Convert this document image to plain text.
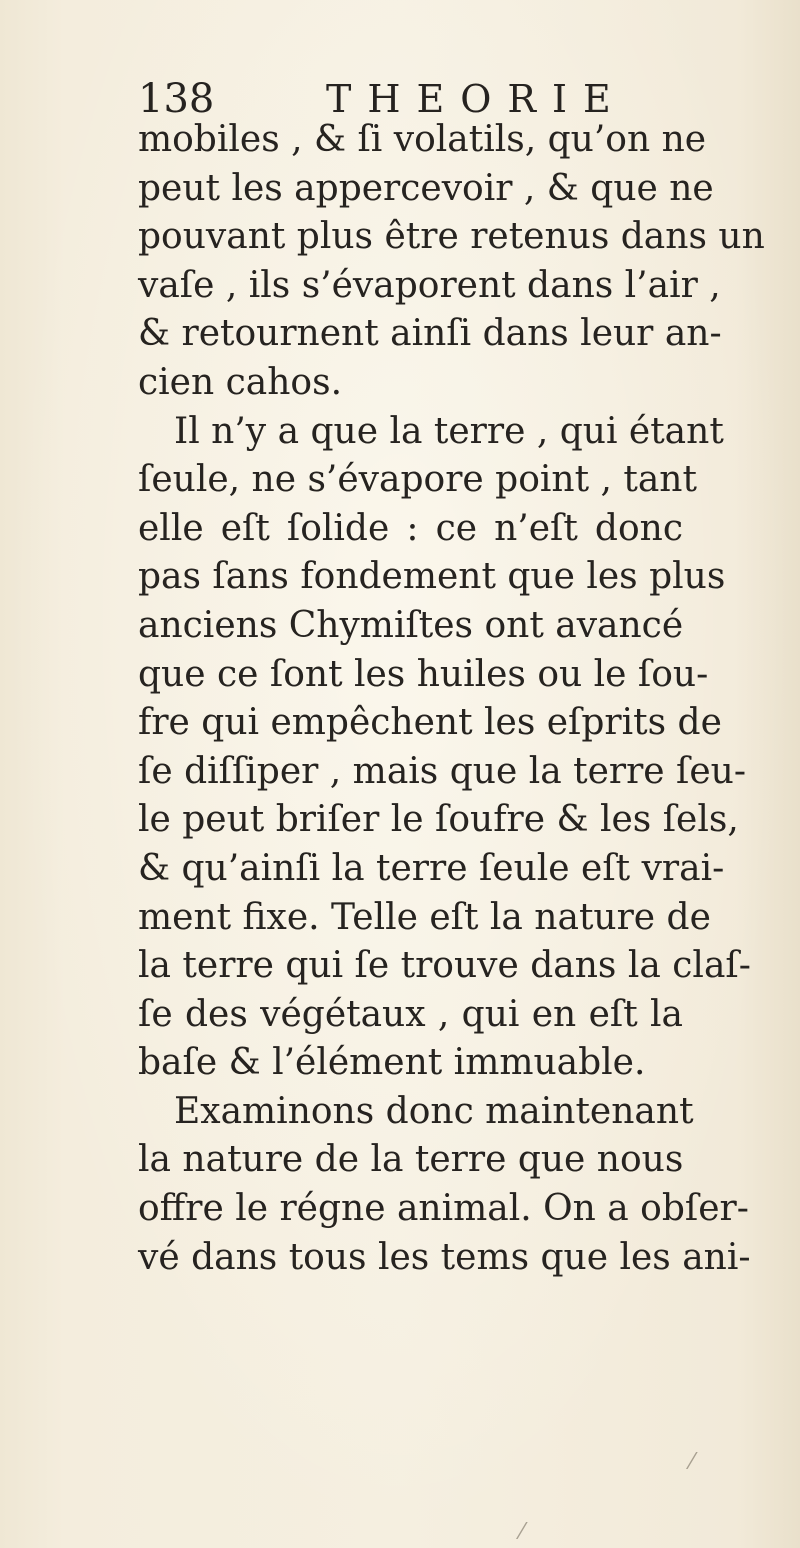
138	THEORIE
mobiles , & ſi volatils, qu’on ne
peut les appercevoir , & que ne
pouvant plus être retenus dans un
vaſe , ils s’évaporent dans l’air ,
& retournent ainſi dans leur an-
cien cahos.
Il n’y a que la terre , qui étant
ſeule, ne s’évapore point , tant
elle eſt ſolide : ce n’eſt donc
pas ſans fondement que les plus
anciens Chymiſtes ont avancé
que ce ſont les huiles ou le ſou-
fre qui empêchent les eſprits de
ſe diſſiper , mais que la terre ſeu-
le peut briſer le ſoufre & les ſels,
& qu’ainſi la terre ſeule eſt vrai-
ment fixe. Telle eſt la nature de
la terre qui ſe trouve dans la claſ-
ſe des végétaux , qui en eſt la
baſe & l’élément immuable.
Examinons donc maintenant
la nature de la terre que nous
offre le régne animal. On a obſer-
vé dans tous les tems que les ani-
⁄
⁄
